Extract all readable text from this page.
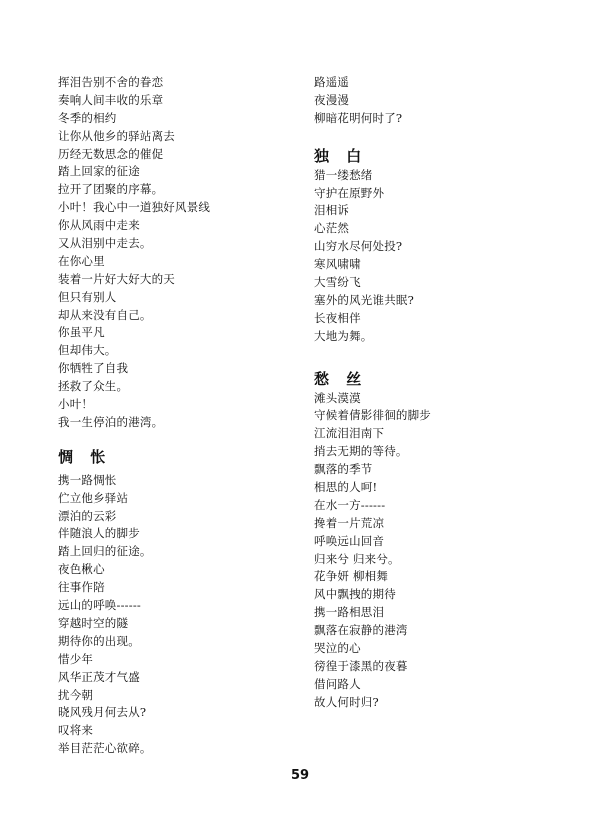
挥泪告别不舍的眷恋
奏响人间丰收的乐章
冬季的相约
让你从他乡的驿站离去
历经无数思念的催促
踏上回家的征途
拉开了团聚的序幕。
小叶！我心中一道独好风景线
你从风雨中走来
又从泪别中走去。
在你心里
装着一片好大好大的天
但只有别人
却从来没有自己。
你虽平凡
但却伟大。
你牺牲了自我
拯救了众生。
小叶！
我一生停泊的港湾。
惆 怅
携一路惆怅
伫立他乡驿站
漂泊的云彩
伴随浪人的脚步
踏上回归的征途。
夜色楸心
往事作陪
远山的呼唤------
穿越时空的隧
期待你的出现。
惜少年
风华正茂才气盛
扰今朝
晓风残月何去从?
叹将来
举目茫茫心欲碎。
路遥遥
夜漫漫
柳暗花明何时了?
独 白
猎一缕愁绪
守护在原野外
泪相诉
心茫然
山穷水尽何处投?
寒风啸啸
大雪纷飞
塞外的风光谁共眠?
长夜相伴
大地为舞。
愁 丝
滩头漠漠
守候着倩影徘徊的脚步
江流泪泪南下
捎去无期的等待。
飘落的季节
相思的人呵!
在水一方------
搀着一片荒凉
呼唤远山回音
归来兮 归来兮。
花争妍 柳相舞
风中飘拽的期待
携一路相思泪
飘落在寂静的港湾
哭泣的心
徬徨于漆黑的夜暮
借问路人
故人何时归?
59
